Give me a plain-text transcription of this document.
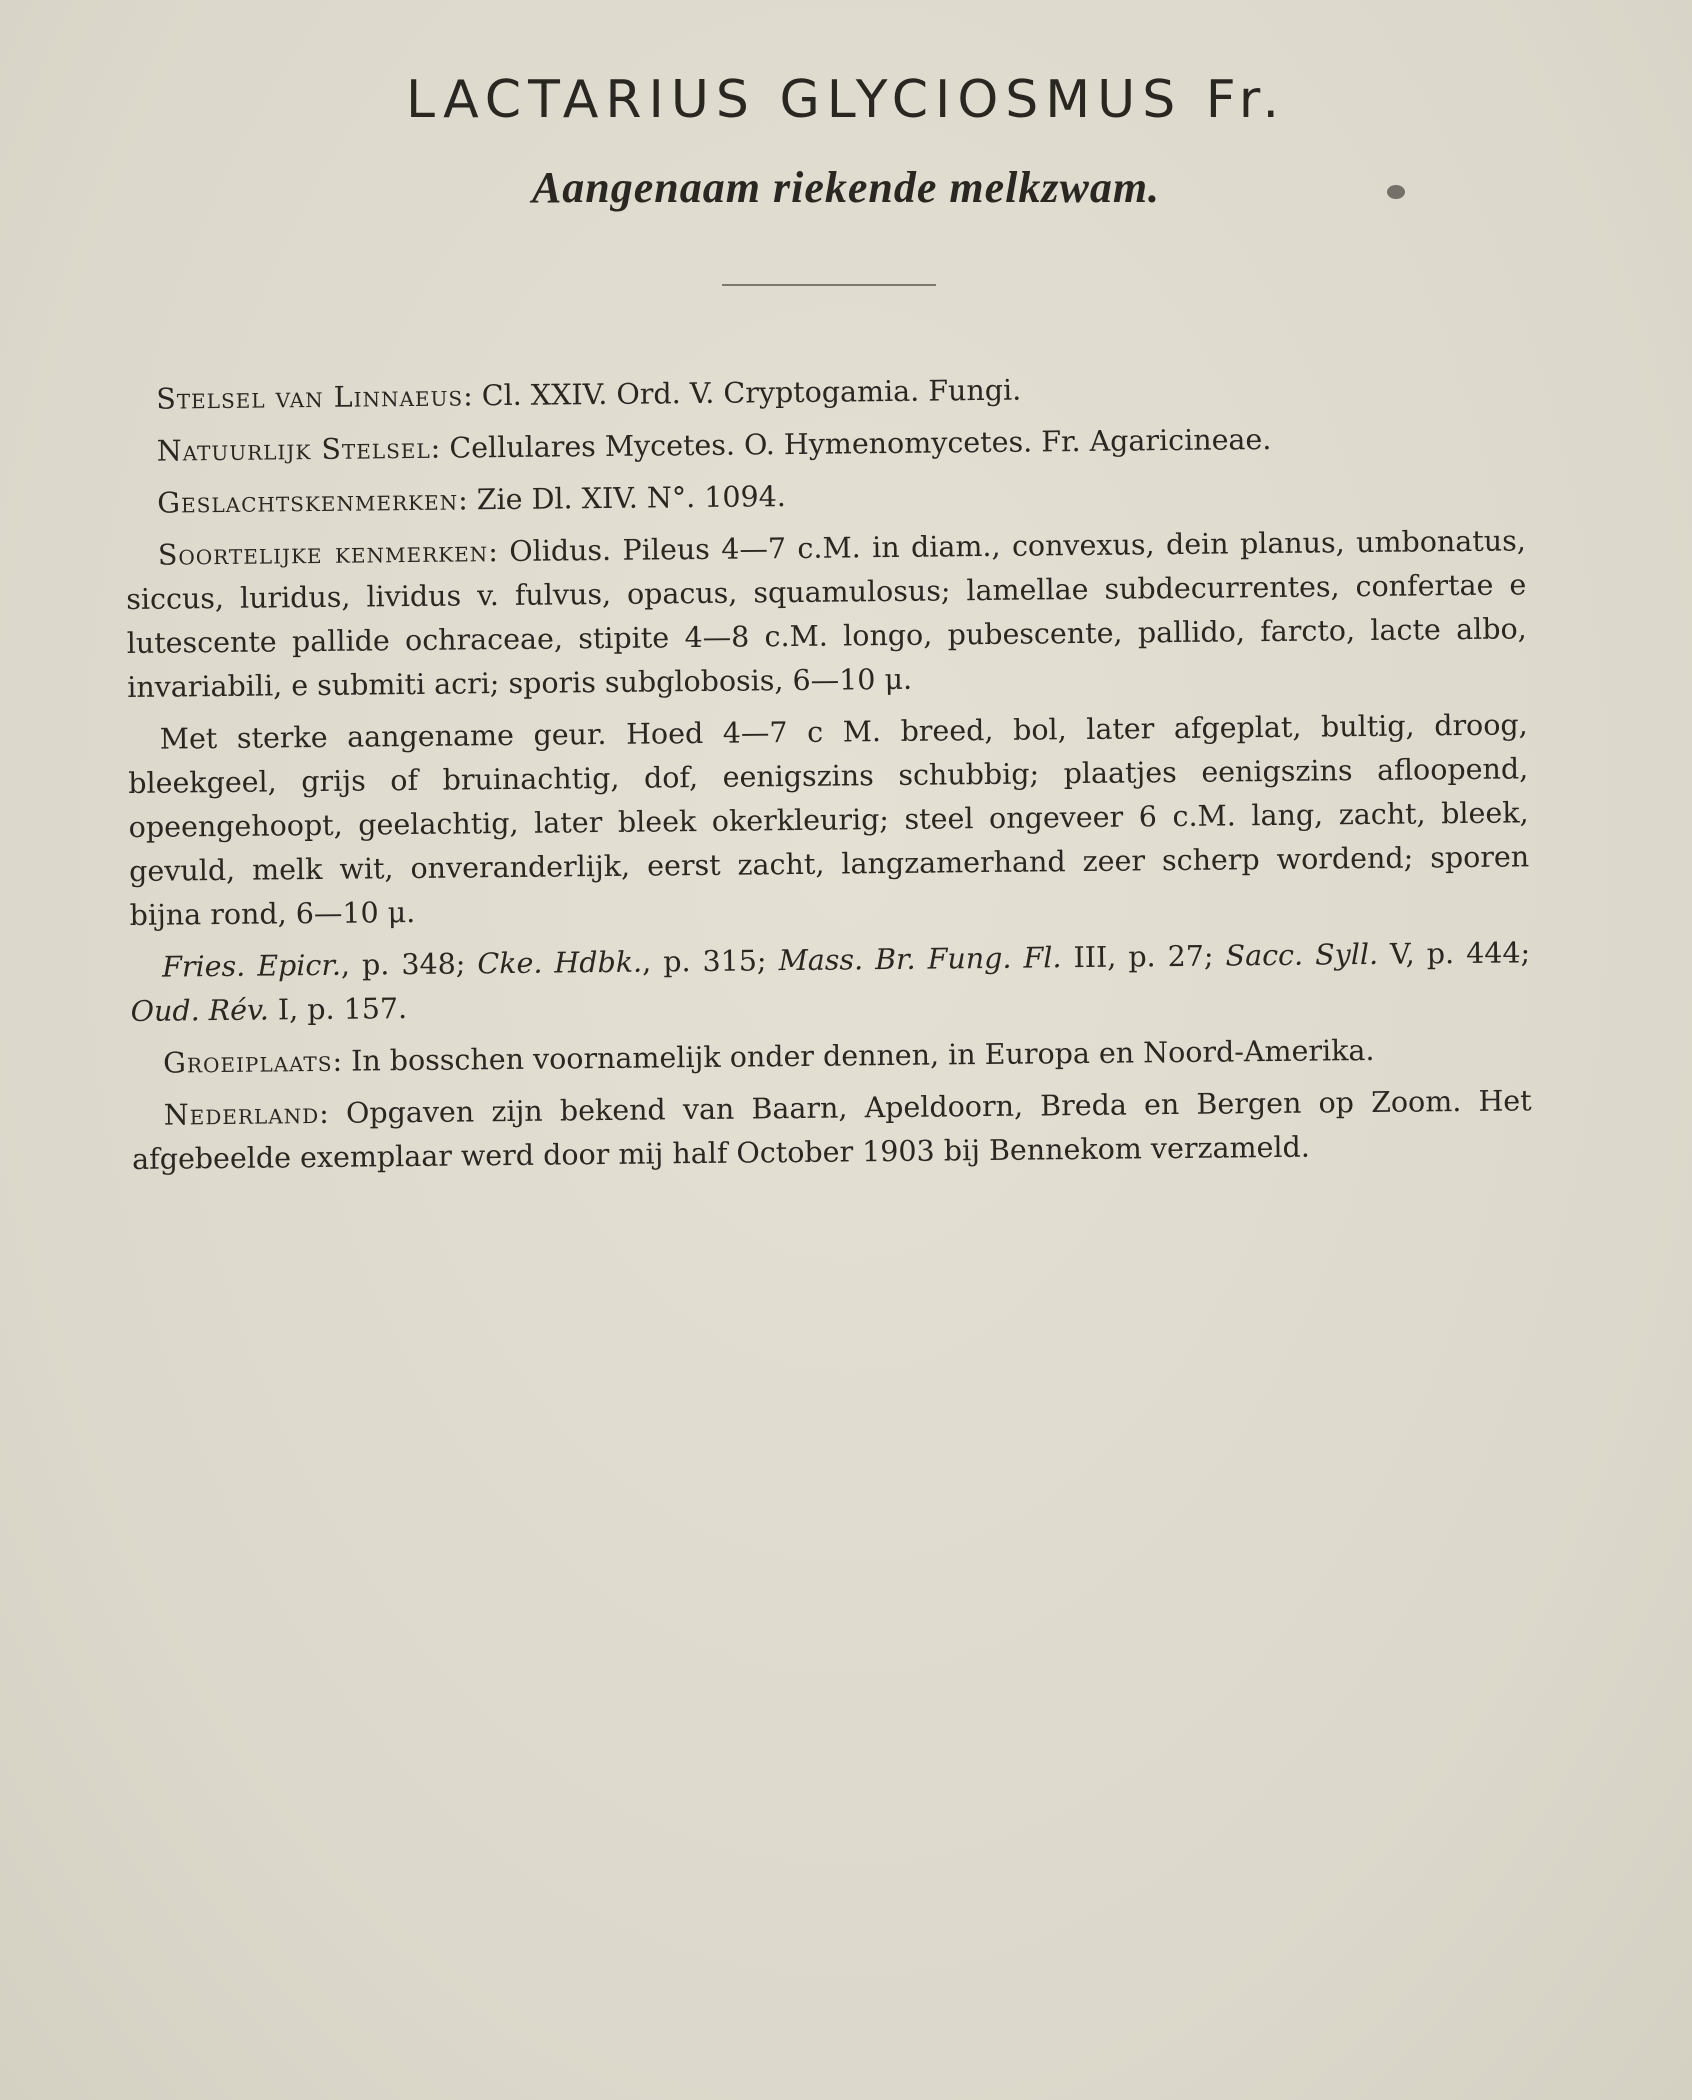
LACTARIUS GLYCIOSMUS Fr.
Aangenaam riekende melkzwam.

Stelsel van Linnaeus: Cl. XXIV. Ord. V. Cryptogamia. Fungi.

Natuurlijk Stelsel: Cellulares Mycetes. O. Hymenomycetes. Fr. Agaricineae.

Geslachtskenmerken: Zie Dl. XIV. N°. 1094.

Soortelijke kenmerken: Olidus. Pileus 4—7 c.M. in diam., convexus, dein planus, umbonatus, siccus, luridus, lividus v. fulvus, opacus, squamulosus; lamellae subdecurrentes, confertae e lutescente pallide ochraceae, stipite 4—8 c.M. longo, pubescente, pallido, farcto, lacte albo, invariabili, e submiti acri; sporis subglobosis, 6—10 μ.

Met sterke aangename geur. Hoed 4—7 c M. breed, bol, later afgeplat, bultig, droog, bleekgeel, grijs of bruinachtig, dof, eenigszins schubbig; plaatjes eenigszins afloopend, opeengehoopt, geelachtig, later bleek okerkleurig; steel ongeveer 6 c.M. lang, zacht, bleek, gevuld, melk wit, onveranderlijk, eerst zacht, langzamerhand zeer scherp wordend; sporen bijna rond, 6—10 μ.

Fries. Epicr., p. 348; Cke. Hdbk., p. 315; Mass. Br. Fung. Fl. III, p. 27; Sacc. Syll. V, p. 444; Oud. Rév. I, p. 157.

Groeiplaats: In bosschen voornamelijk onder dennen, in Europa en Noord-Amerika.

Nederland: Opgaven zijn bekend van Baarn, Apeldoorn, Breda en Bergen op Zoom. Het afgebeelde exemplaar werd door mij half October 1903 bij Bennekom verzameld.
